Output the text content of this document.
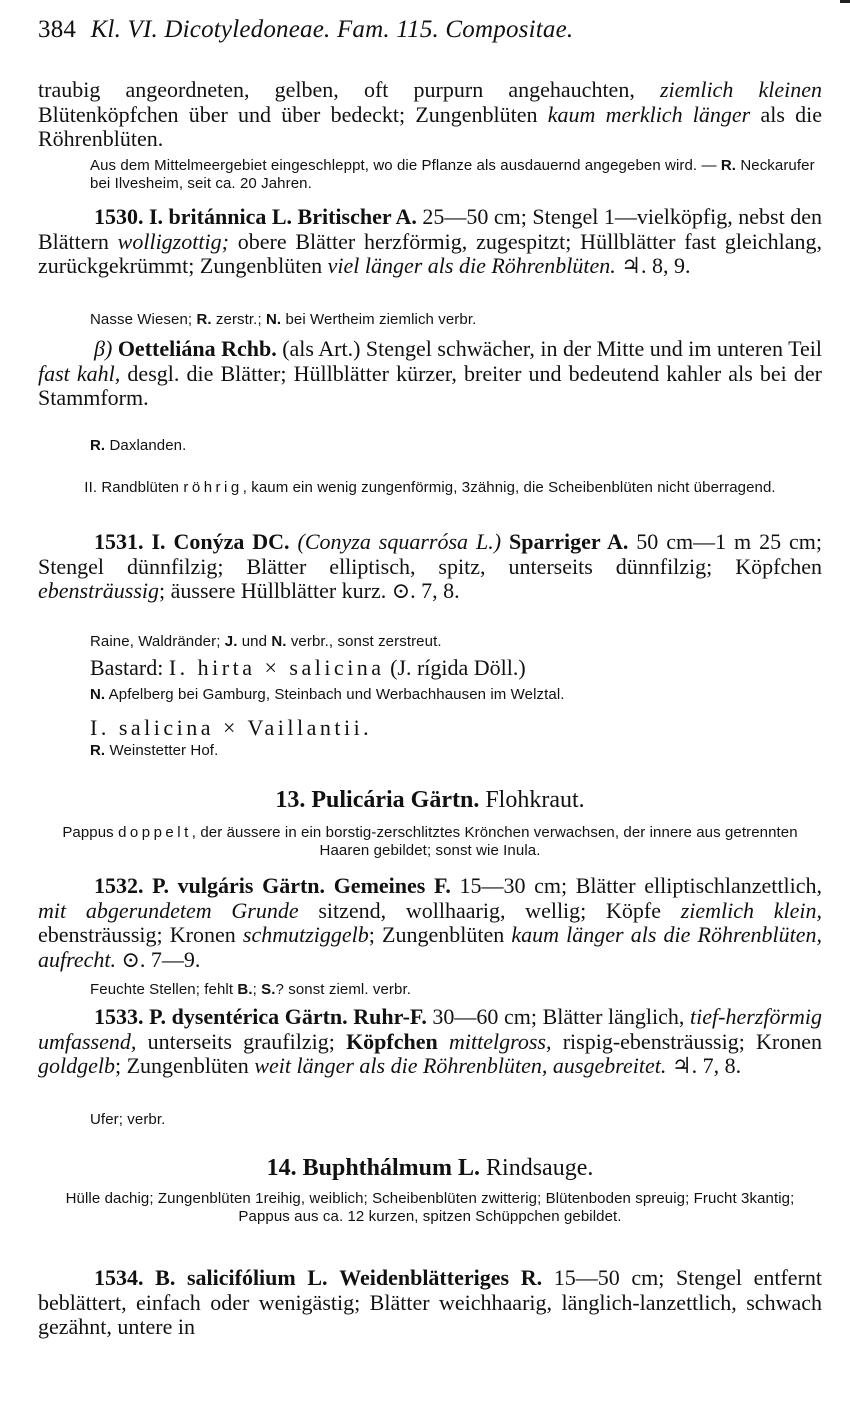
384 Kl. VI. Dicotyledoneae. Fam. 115. Compositae.

traubig angeordneten, gelben, oft purpurn angehauchten, ziemlich kleinen Blütenköpfchen über und über bedeckt; Zungenblüten kaum merklich länger als die Röhrenblüten.

Aus dem Mittelmeergebiet eingeschleppt, wo die Pflanze als ausdauernd angegeben wird. — R. Neckarufer bei Ilvesheim, seit ca. 20 Jahren.

1530. I. británnica L. Britischer A. 25—50 cm; Stengel 1—vielköpfig, nebst den Blättern wolligzottig; obere Blätter herzförmig, zugespitzt; Hüllblätter fast gleichlang, zurückgekrümmt; Zungenblüten viel länger als die Röhrenblüten. ♃. 8, 9.

Nasse Wiesen; R. zerstr.; N. bei Wertheim ziemlich verbr.

β) Oetteliána Rchb. (als Art.) Stengel schwächer, in der Mitte und im unteren Teil fast kahl, desgl. die Blätter; Hüllblätter kürzer, breiter und bedeutend kahler als bei der Stammform.

R. Daxlanden.

II. Randblüten röhrig, kaum ein wenig zungenförmig, 3zähnig, die Scheibenblüten nicht überragend.

1531. I. Conýza DC. (Conyza squarrósa L.) Sparriger A. 50 cm—1 m 25 cm; Stengel dünnfilzig; Blätter elliptisch, spitz, unterseits dünnfilzig; Köpfchen ebensträussig; äussere Hüllblätter kurz. ⊙. 7, 8.

Raine, Waldränder; J. und N. verbr., sonst zerstreut.

Bastard: I. hirta × salicina (J. rígida Döll.)

N. Apfelberg bei Gamburg, Steinbach und Werbachhausen im Welztal.

I. salicina × Vaillantii.

R. Weinstetter Hof.

13. Pulicária Gärtn. Flohkraut.

Pappus doppelt, der äussere in ein borstig-zerschlitztes Krönchen verwachsen, der innere aus getrennten Haaren gebildet; sonst wie Inula.

1532. P. vulgáris Gärtn. Gemeines F. 15—30 cm; Blätter elliptischlanzettlich, mit abgerundetem Grunde sitzend, wollhaarig, wellig; Köpfe ziemlich klein, ebensträussig; Kronen schmutziggelb; Zungenblüten kaum länger als die Röhrenblüten, aufrecht. ⊙. 7—9.

Feuchte Stellen; fehlt B.; S.? sonst zieml. verbr.

1533. P. dysentérica Gärtn. Ruhr-F. 30—60 cm; Blätter länglich, tief-herzförmig umfassend, unterseits graufilzig; Köpfchen mittelgross, rispig-ebensträussig; Kronen goldgelb; Zungenblüten weit länger als die Röhrenblüten, ausgebreitet. ♃. 7, 8.

Ufer; verbr.

14. Buphthálmum L. Rindsauge.

Hülle dachig; Zungenblüten 1reihig, weiblich; Scheibenblüten zwitterig; Blütenboden spreuig; Frucht 3kantig; Pappus aus ca. 12 kurzen, spitzen Schüppchen gebildet.

1534. B. salicifólium L. Weidenblätteriges R. 15—50 cm; Stengel entfernt beblättert, einfach oder wenigästig; Blätter weichhaarig, länglich-lanzettlich, schwach gezähnt, untere in
